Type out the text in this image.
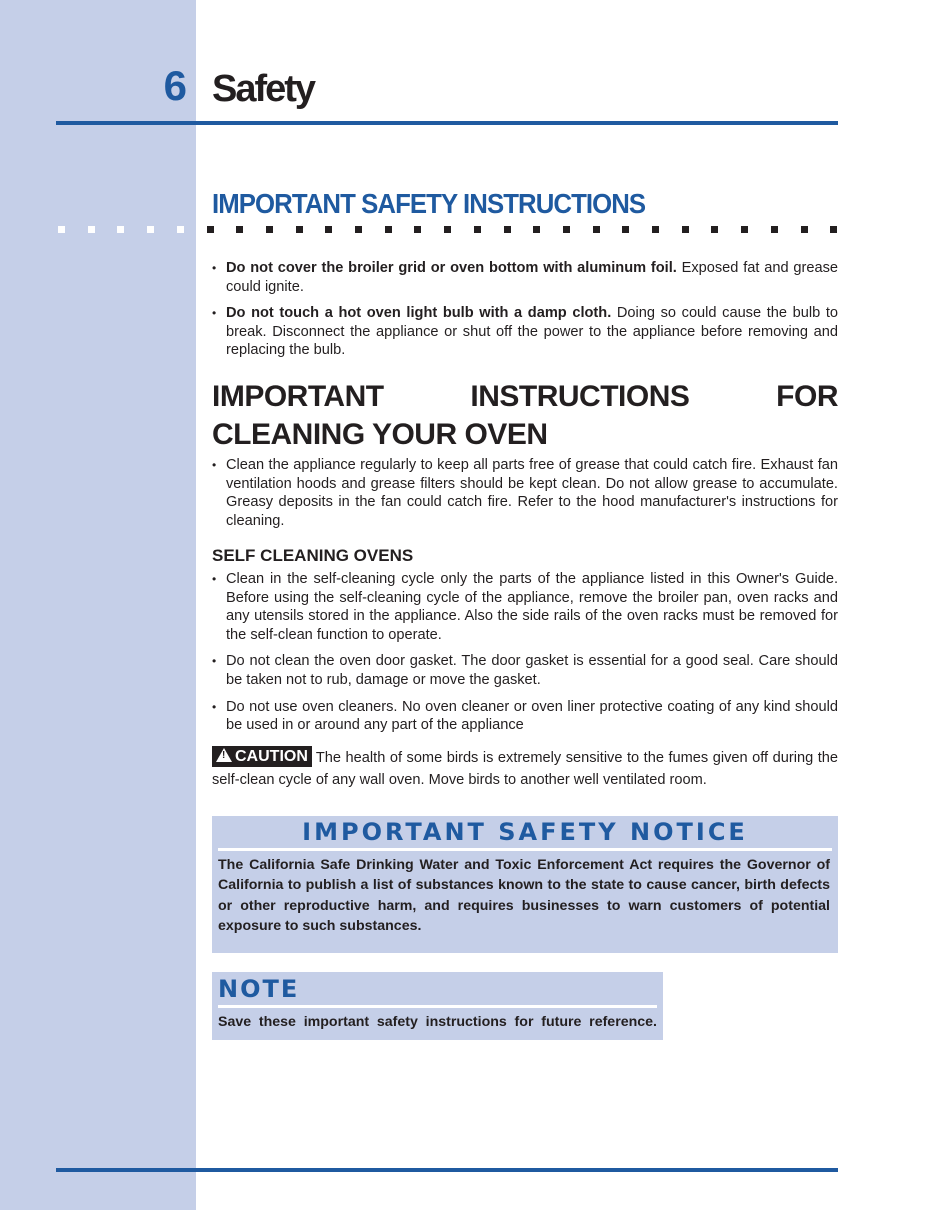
6 Safety
IMPORTANT SAFETY INSTRUCTIONS
• Do not cover the broiler grid or oven bottom with aluminum foil. Exposed fat and grease could ignite.
• Do not touch a hot oven light bulb with a damp cloth. Doing so could cause the bulb to break. Disconnect the appliance or shut off the power to the appliance before removing and replacing the bulb.
IMPORTANT INSTRUCTIONS FOR CLEANING YOUR OVEN
• Clean the appliance regularly to keep all parts free of grease that could catch fire. Exhaust fan ventilation hoods and grease filters should be kept clean. Do not allow grease to accumulate. Greasy deposits in the fan could catch fire. Refer to the hood manufacturer's instructions for cleaning.
SELF CLEANING OVENS
• Clean in the self-cleaning cycle only the parts of the appliance listed in this Owner's Guide. Before using the self-cleaning cycle of the appliance, remove the broiler pan, oven racks and any utensils stored in the appliance. Also the side rails of the oven racks must be removed for the self-clean function to operate.
• Do not clean the oven door gasket. The door gasket is essential for a good seal. Care should be taken not to rub, damage or move the gasket.
• Do not use oven cleaners. No oven cleaner or oven liner protective coating of any kind should be used in or around any part of the appliance
!CAUTION The health of some birds is extremely sensitive to the fumes given off during the self-clean cycle of any wall oven. Move birds to another well ventilated room.
IMPORTANT SAFETY NOTICE
The California Safe Drinking Water and Toxic Enforcement Act requires the Governor of California to publish a list of substances known to the state to cause cancer, birth defects or other reproductive harm, and requires businesses to warn customers of potential exposure to such substances.
NOTE
Save these important safety instructions for future reference.
